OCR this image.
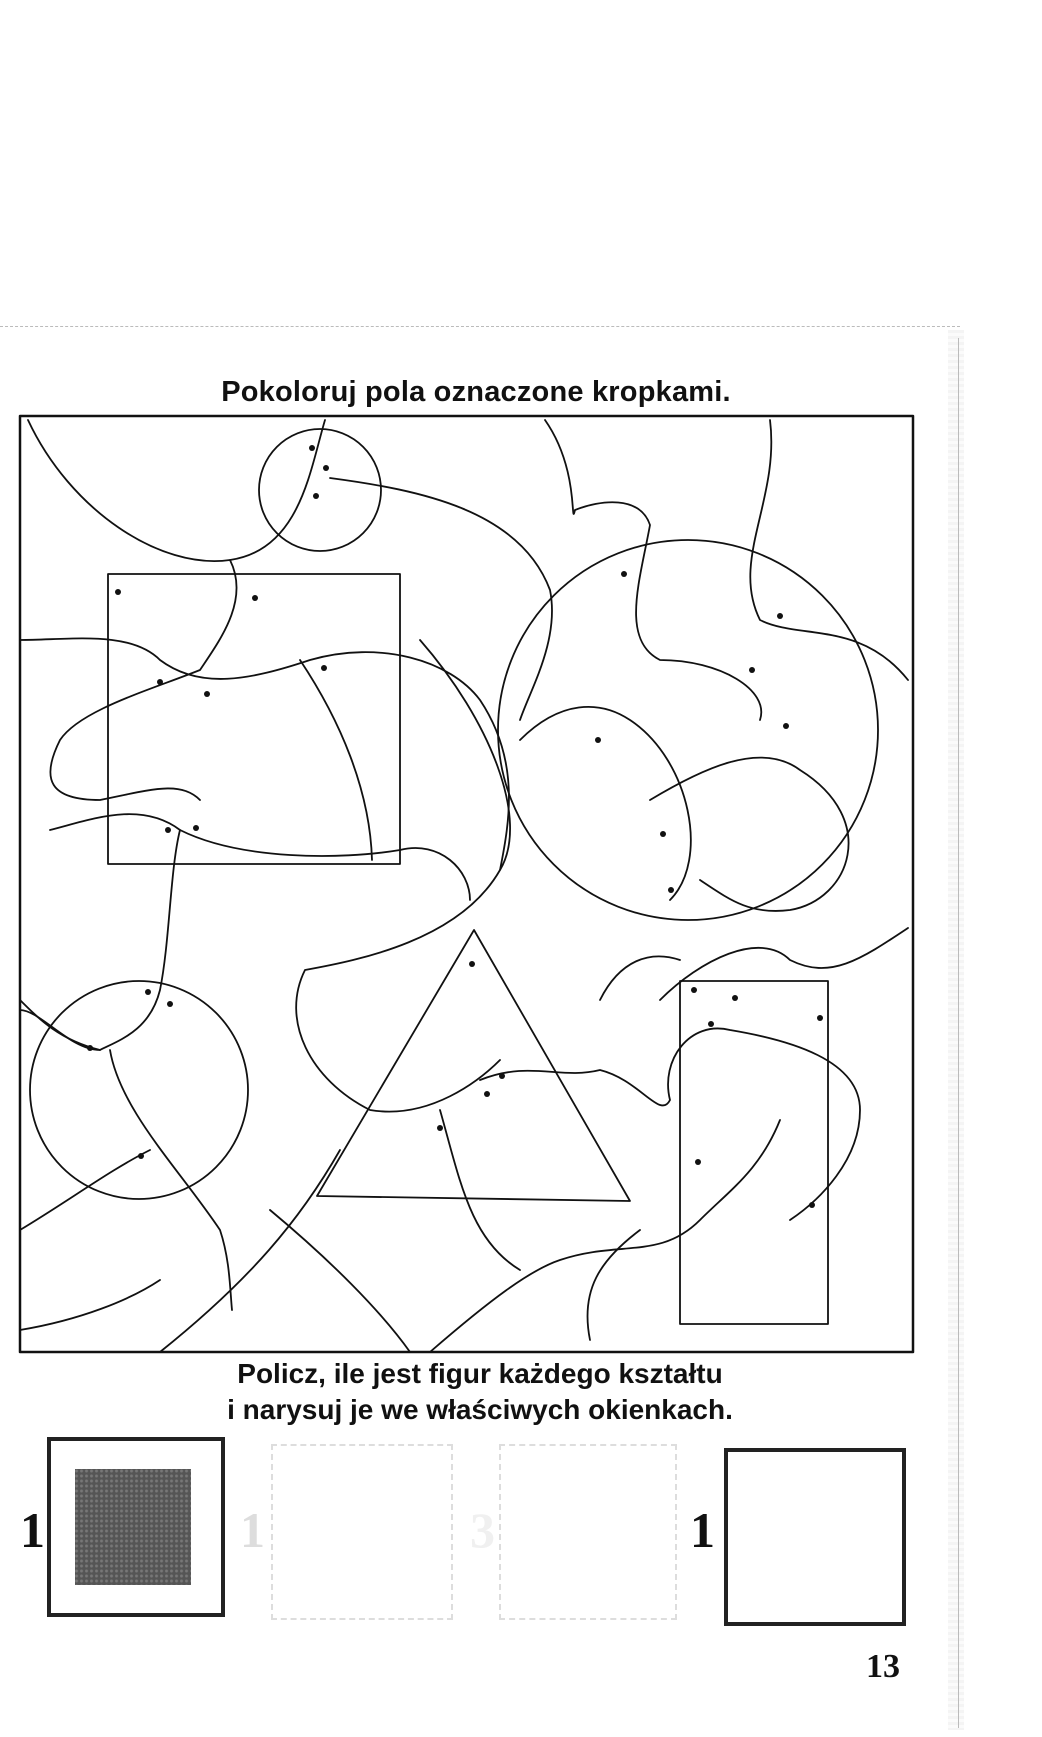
Pokoloruj pola oznaczone kropkami.
Policz, ile jest figur każdego kształtu
i narysuj je we właściwych okienkach.
1	1	3	1
13
